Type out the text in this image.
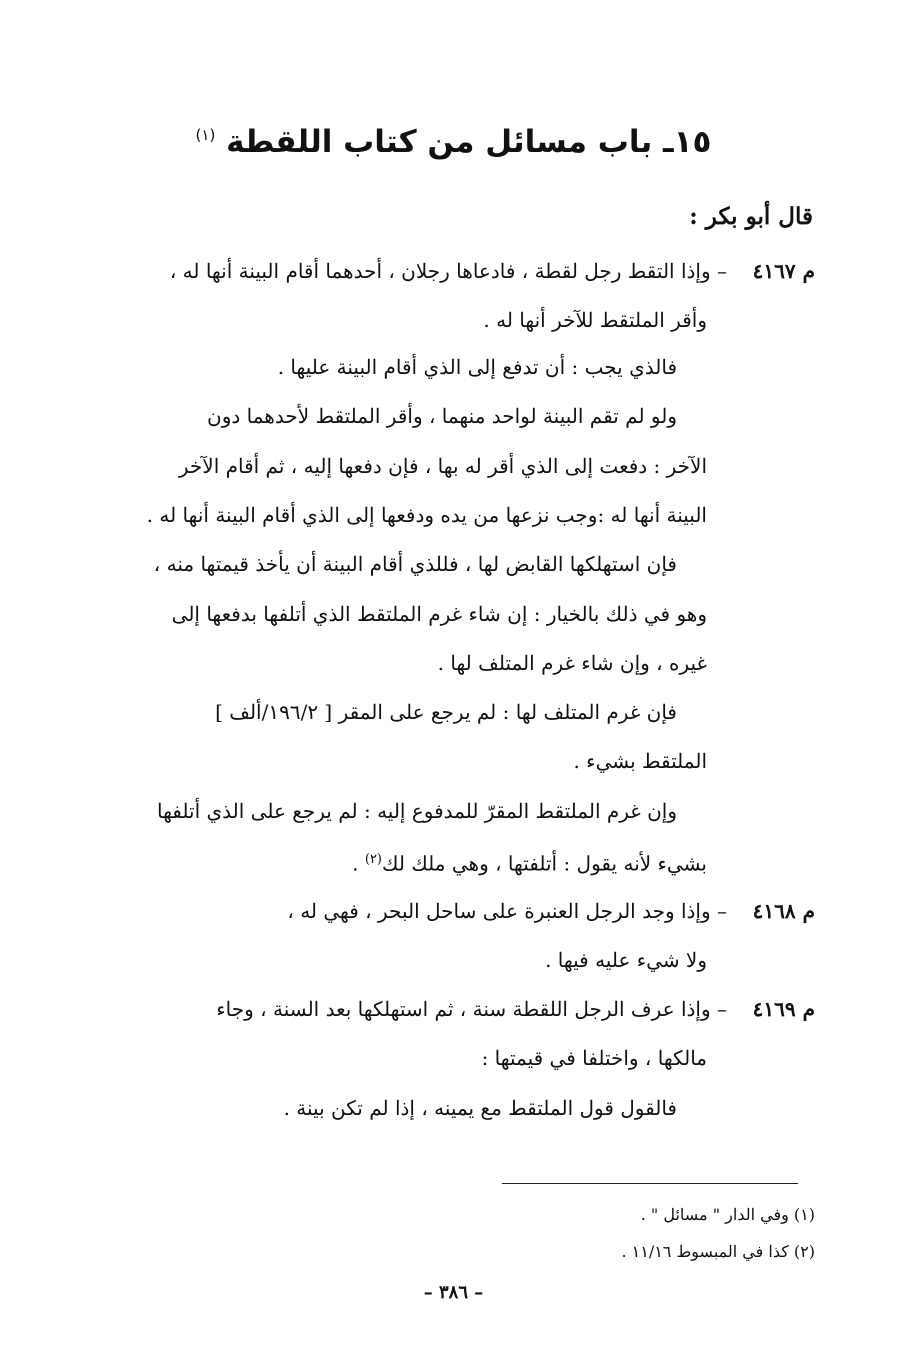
١٥ـ باب مسائل من كتاب اللقطة $^{(١)}$
قال أبو بكر :
م ٤١٦٧
– وإذا التقط رجل لقطة ، فادعاها رجلان ، أحدهما أقام البينة أنها له ،
وأقر الملتقط للآخر أنها له .
فالذي يجب : أن تدفع إلى الذي أقام البينة عليها .
ولو لم تقم البينة لواحد منهما ، وأقر الملتقط لأحدهما دون
الآخر : دفعت إلى الذي أقر له بها ، فإن دفعها إليه ، ثم أقام الآخر
البينة أنها له :وجب نزعها من يده ودفعها إلى الذي أقام البينة أنها له .
فإن استهلكها القابض لها ، فللذي أقام البينة أن يأخذ قيمتها منه ،
وهو في ذلك بالخيار : إن شاء غرم الملتقط الذي أتلفها بدفعها إلى
غيره ، وإن شاء غرم المتلف لها .
فإن غرم المتلف لها : لم يرجع على المقر [ ١٩٦/٢/ألف ]
الملتقط بشيء .
وإن غرم الملتقط المقرّ للمدفوع إليه : لم يرجع على الذي أتلفها
بشيء لأنه يقول : أتلفتها ، وهي ملك لك$^{(٢)}$ .
م ٤١٦٨
– وإذا وجد الرجل العنبرة على ساحل البحر ، فهي له ،
ولا شيء عليه فيها .
م ٤١٦٩
– وإذا عرف الرجل اللقطة سنة ، ثم استهلكها بعد السنة ، وجاء
مالكها ، واختلفا في قيمتها :
فالقول قول الملتقط مع يمينه ، إذا لم تكن بينة .
(١) وفي الدار " مسائل " .
(٢) كذا في المبسوط ١١/١٦ .
– ٣٨٦ –
